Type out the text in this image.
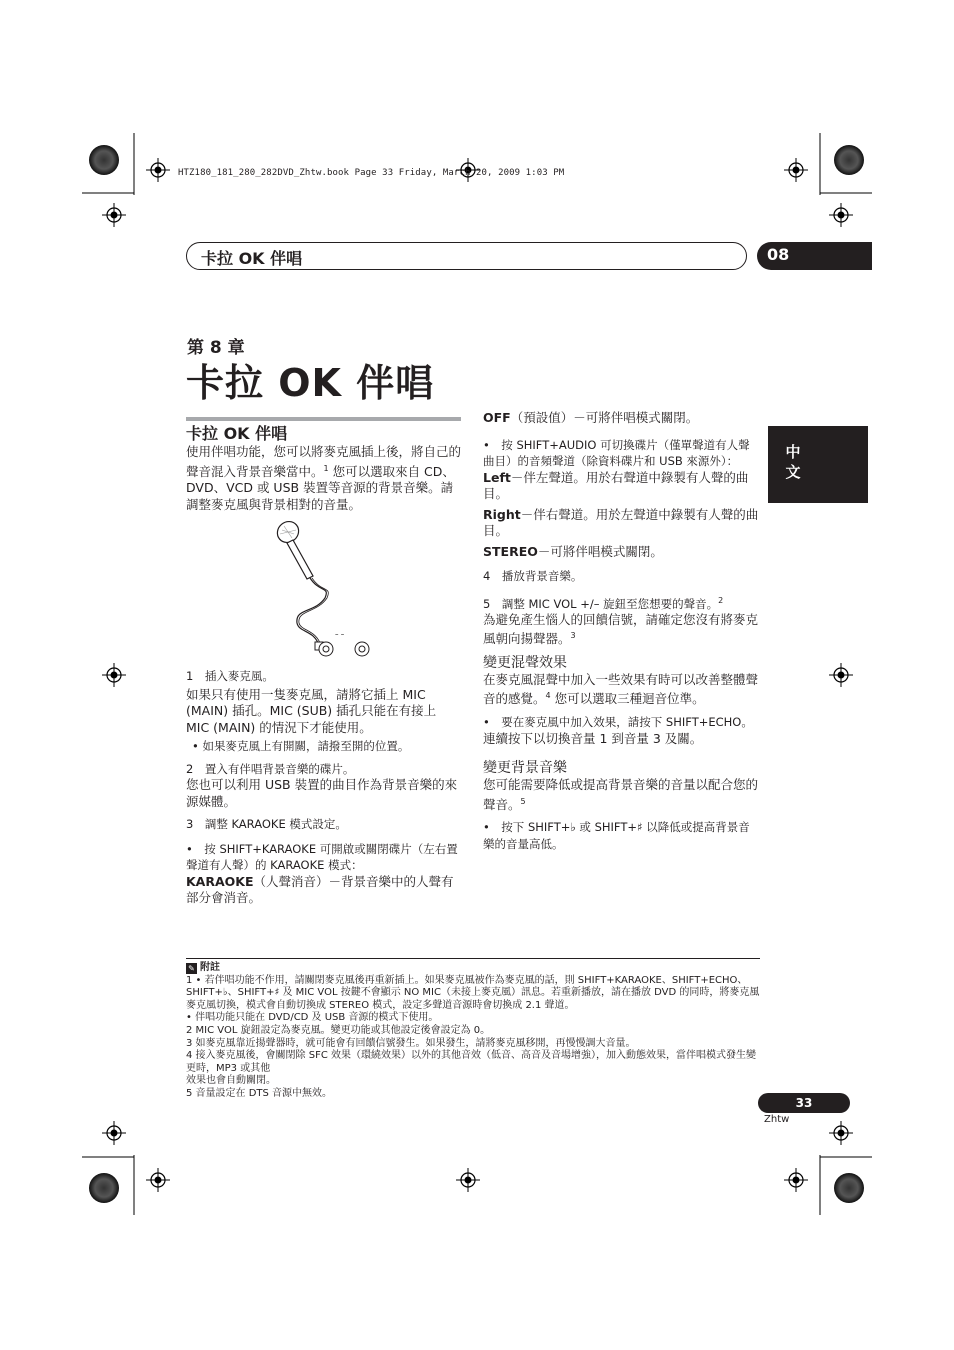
HTZ180_181_280_282DVD_Zhtw.book Page 33 Friday, March 20, 2009 1:03 PM
卡拉 OK 伴唱	08
中文
第 8 章
卡拉 OK 伴唱

卡拉 OK 伴唱

使用伴唱功能，您可以將麥克風插上後，將自己的聲音混入背景音樂當中。$^1$ 您可以選取來自 CD、DVD、VCD 或 USB 裝置等音源的背景音樂。請調整麥克風與背景相對的音量。

– –

1　插入麥克風。

如果只有使用一隻麥克風，請將它插上 MIC (MAIN) 插孔。MIC (SUB) 插孔只能在有接上 MIC (MAIN) 的情況下才能使用。

• 如果麥克風上有開關，請撥至開的位置。

2　置入有伴唱背景音樂的碟片。

您也可以利用 USB 裝置的曲目作為背景音樂的來源媒體。

3　調整 KARAOKE 模式設定。

•　按 SHIFT+KARAOKE 可開啟或關閉碟片（左右置聲道有人聲）的 KARAOKE 模式：

KARAOKE（人聲消音）－背景音樂中的人聲有部分會消音。

OFF（預設值）－可將伴唱模式關閉。

•　按 SHIFT+AUDIO 可切換碟片（僅單聲道有人聲曲目）的音頻聲道（除資料碟片和 USB 來源外）：

Left－伴左聲道。用於右聲道中錄製有人聲的曲目。

Right－伴右聲道。用於左聲道中錄製有人聲的曲目。

STEREO－可將伴唱模式關閉。

4　播放背景音樂。

5　調整 MIC VOL +/– 旋鈕至您想要的聲音。$^2$

為避免產生惱人的回饋信號，請確定您沒有將麥克風朝向揚聲器。$^3$

變更混聲效果

在麥克風混聲中加入一些效果有時可以改善整體聲音的感覺。$^4$ 您可以選取三種迴音位準。

•　要在麥克風中加入效果，請按下 SHIFT+ECHO。

連續按下以切換音量 1 到音量 3 及關。

變更背景音樂

您可能需要降低或提高背景音樂的音量以配合您的聲音。$^5$

•　按下 SHIFT+♭ 或 SHIFT+♯ 以降低或提高背景音樂的音量高低。

✎ 附註

1 • 若伴唱功能不作用，請關閉麥克風後再重新插上。如果麥克風被作為麥克風的話，則 SHIFT+KARAOKE、SHIFT+ECHO、

SHIFT+♭、SHIFT+♯ 及 MIC VOL 按鍵不會顯示 NO MIC（未接上麥克風）訊息。若重新播放，請在播放 DVD 的同時，將麥克風

麥克風切換，模式會自動切換成 STEREO 模式，設定多聲道音源時會切換成 2.1 聲道。

• 伴唱功能只能在 DVD/CD 及 USB 音源的模式下使用。

2 MIC VOL 旋鈕設定為麥克風。變更功能或其他設定後會設定為 0。

3 如麥克風靠近揚聲器時，就可能會有回饋信號發生。如果發生，請將麥克風移開，再慢慢調大音量。

4 接入麥克風後，會關閉除 SFC 效果（環繞效果）以外的其他音效（低音、高音及音場增強），加入動態效果，當伴唱模式發生變更時，MP3 或其他

效果也會自動關閉。

5 音量設定在 DTS 音源中無效。

33
Zhtw
